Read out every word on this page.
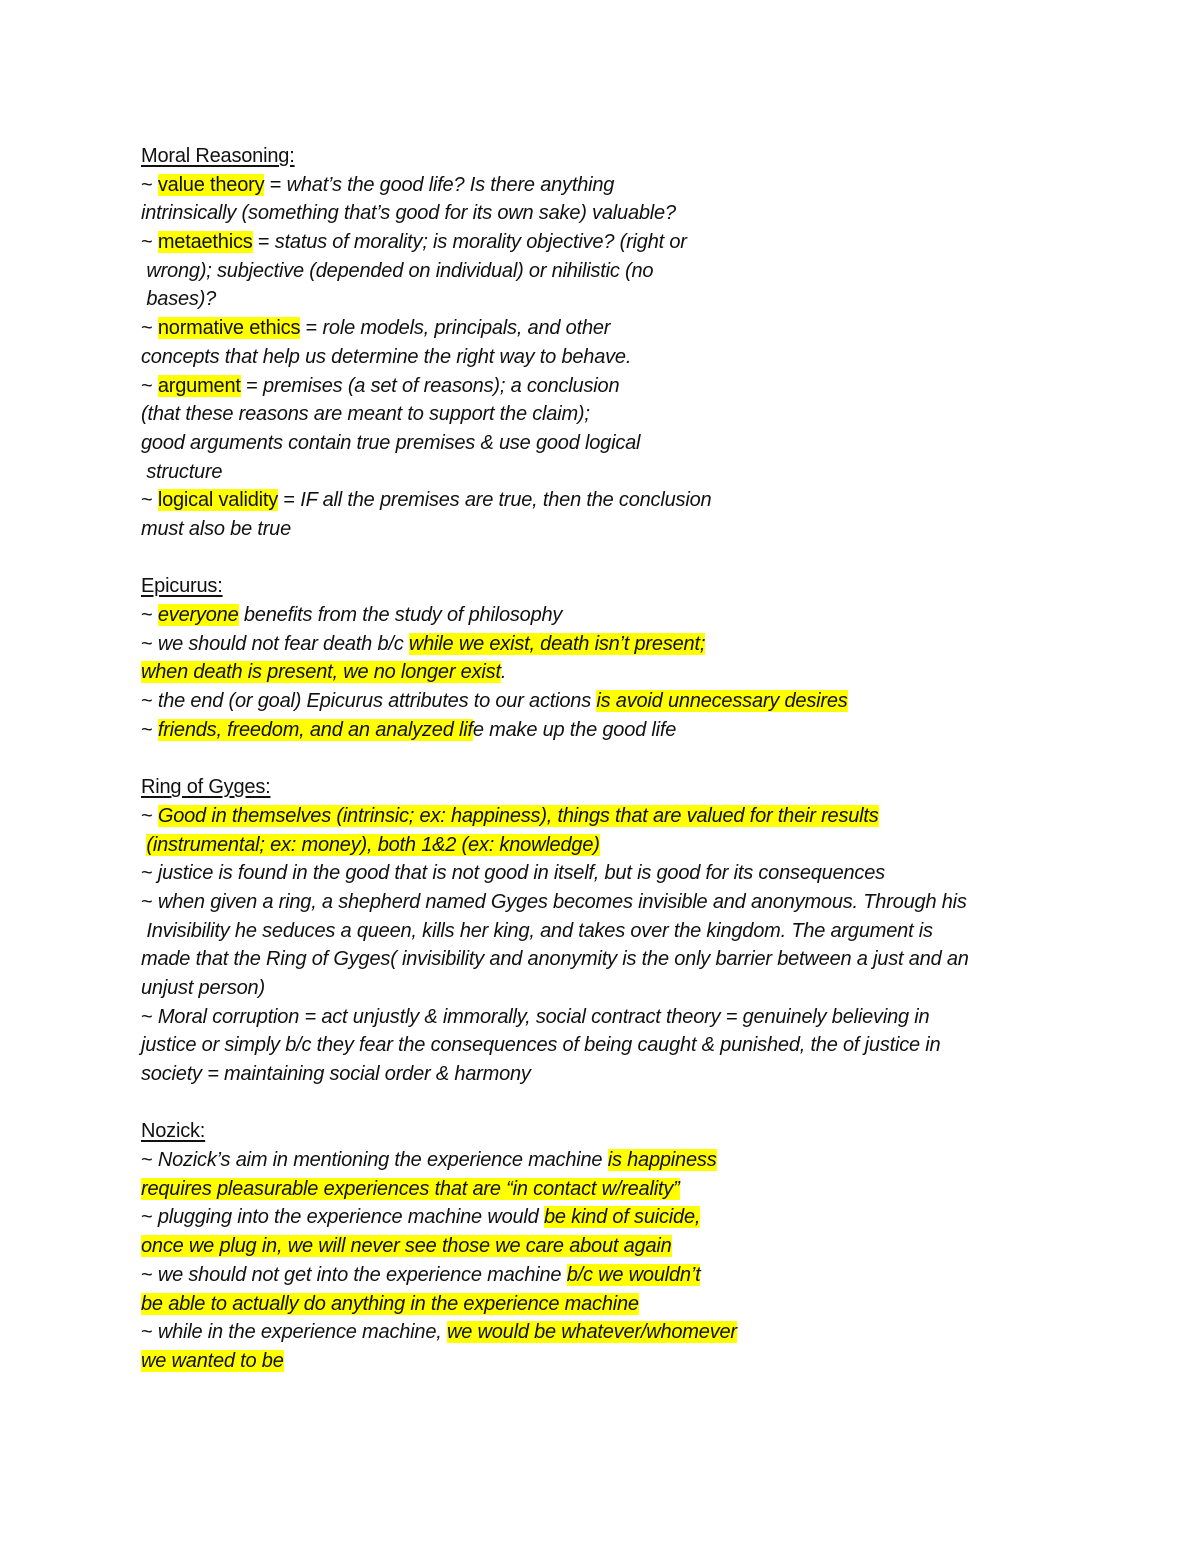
Moral Reasoning:
~ value theory = what’s the good life? Is there anything
intrinsically (something that’s good for its own sake) valuable?
~ metaethics = status of morality; is morality objective? (right or
wrong); subjective (depended on individual) or nihilistic (no
bases)?
~ normative ethics = role models, principals, and other
concepts that help us determine the right way to behave.
~ argument = premises (a set of reasons); a conclusion
(that these reasons are meant to support the claim);
good arguments contain true premises & use good logical
structure
~ logical validity = IF all the premises are true, then the conclusion
must also be true
Epicurus:
~ everyone benefits from the study of philosophy
~ we should not fear death b/c while we exist, death isn’t present;
when death is present, we no longer exist.
~ the end (or goal) Epicurus attributes to our actions is avoid unnecessary desires
~ friends, freedom, and an analyzed life make up the good life
Ring of Gyges:
~ Good in themselves (intrinsic; ex: happiness), things that are valued for their results
(instrumental; ex: money), both 1&2 (ex: knowledge)
~ justice is found in the good that is not good in itself, but is good for its consequences
~ when given a ring, a shepherd named Gyges becomes invisible and anonymous. Through his
Invisibility he seduces a queen, kills her king, and takes over the kingdom. The argument is
made that the Ring of Gyges( invisibility and anonymity is the only barrier between a just and an
unjust person)
~ Moral corruption = act unjustly & immorally, social contract theory = genuinely believing in
justice or simply b/c they fear the consequences of being caught & punished, the of justice in
society = maintaining social order & harmony
Nozick:
~ Nozick’s aim in mentioning the experience machine is happiness
requires pleasurable experiences that are “in contact w/reality”
~ plugging into the experience machine would be kind of suicide,
once we plug in, we will never see those we care about again
~ we should not get into the experience machine b/c we wouldn’t
be able to actually do anything in the experience machine
~ while in the experience machine, we would be whatever/whomever
we wanted to be
